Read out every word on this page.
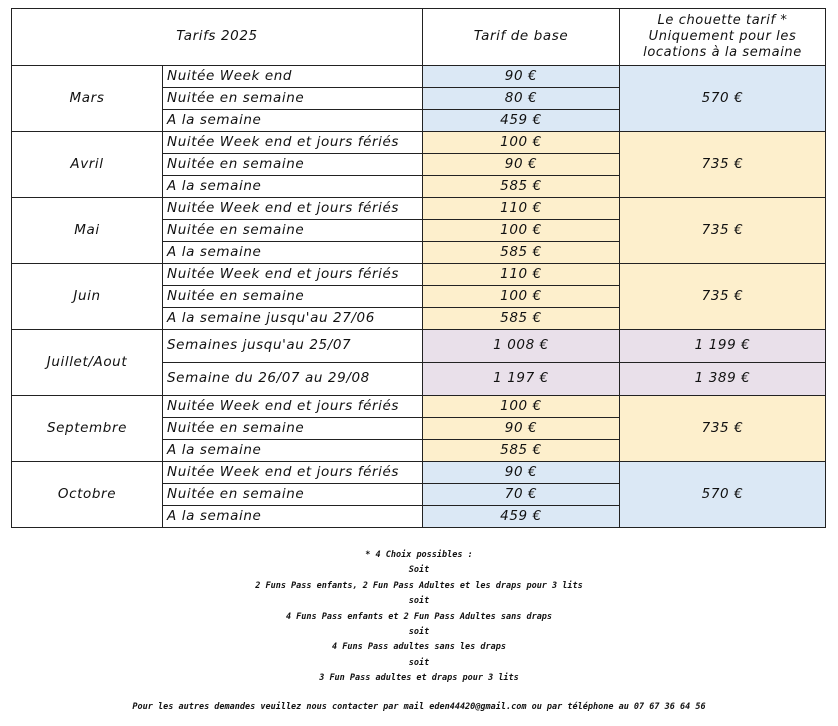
Tarifs 2025		Tarif de base	Le chouette tarif *
Uniquement pour les
locations à la semaine
Mars	Nuitée Week end	90 €	570 €
	Nuitée en semaine	80 €	
	A la semaine	459 €	
Avril	Nuitée Week end et jours fériés	100 €	735 €
	Nuitée en semaine	90 €	
	A la semaine	585 €	
Mai	Nuitée Week end et jours fériés	110 €	735 €
	Nuitée en semaine	100 €	
	A la semaine	585 €	
Juin	Nuitée Week end et jours fériés	110 €	735 €
	Nuitée en semaine	100 €	
	A la semaine jusqu'au 27/06	585 €	
Juillet/Aout	Semaines jusqu'au 25/07	1 008 €	1 199 €
	Semaine du 26/07 au 29/08	1 197 €	1 389 €
Septembre	Nuitée Week end et jours fériés	100 €	735 €
	Nuitée en semaine	90 €	
	A la semaine	585 €	
Octobre	Nuitée Week end et jours fériés	90 €	570 €
	Nuitée en semaine	70 €	
	A la semaine	459 €	
* 4 Choix possibles :
Soit
2 Funs Pass enfants, 2 Fun Pass Adultes et les draps pour 3 lits
soit
4 Funs Pass enfants et 2 Fun Pass Adultes sans draps
soit
4 Funs Pass adultes sans les draps
soit
3 Fun Pass adultes et draps pour 3 lits
Pour les autres demandes veuillez nous contacter par mail eden44420@gmail.com ou par téléphone au 07 67 36 64 56
